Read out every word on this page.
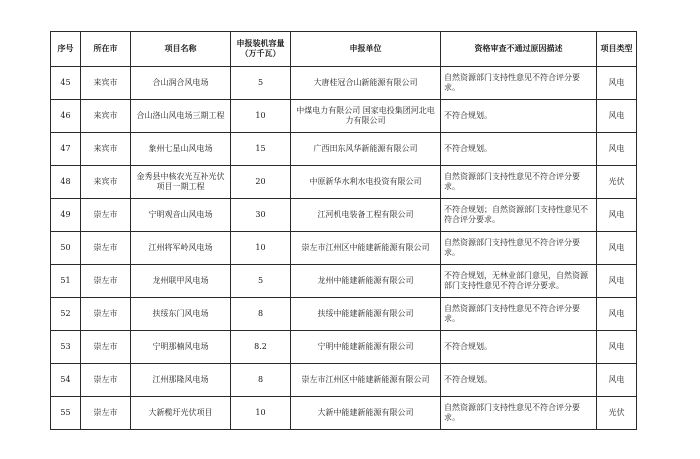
序号	所在市	项目名称	申报装机容量（万千瓦）	申报单位	资格审查不通过原因描述	项目类型
45	来宾市	合山润合风电场	5	大唐桂冠合山新能源有限公司	自然资源部门支持性意见不符合评分要求。	风电
46	来宾市	合山洛山风电场三期工程	10	中煤电力有限公司 国家电投集团河北电力有限公司	不符合规划。	风电
47	来宾市	象州七星山风电场	15	广西田东风华新能源有限公司	不符合规划。	风电
48	来宾市	金秀县中核农光互补光伏项目一期工程	20	中原新华水利水电投资有限公司	自然资源部门支持性意见不符合评分要求。	光伏
49	崇左市	宁明观音山风电场	30	江河机电装备工程有限公司	不符合规划；自然资源部门支持性意见不符合评分要求。	风电
50	崇左市	江州将军岭风电场	10	崇左市江州区中能建新能源有限公司	自然资源部门支持性意见不符合评分要求。	风电
51	崇左市	龙州联甲风电场	5	龙州中能建新能源有限公司	不符合规划，无林业部门意见，自然资源部门支持性意见不符合评分要求。	风电
52	崇左市	扶绥东门风电场	8	扶绥中能建新能源有限公司	自然资源部门支持性意见不符合评分要求。	风电
53	崇左市	宁明那楠风电场	8.2	宁明中能建新能源有限公司	不符合规划。	风电
54	崇左市	江州那隆风电场	8	崇左市江州区中能建新能源有限公司	不符合规划。	风电
55	崇左市	大新榄圩光伏项目	10	大新中能建新能源有限公司	自然资源部门支持性意见不符合评分要求。	光伏
